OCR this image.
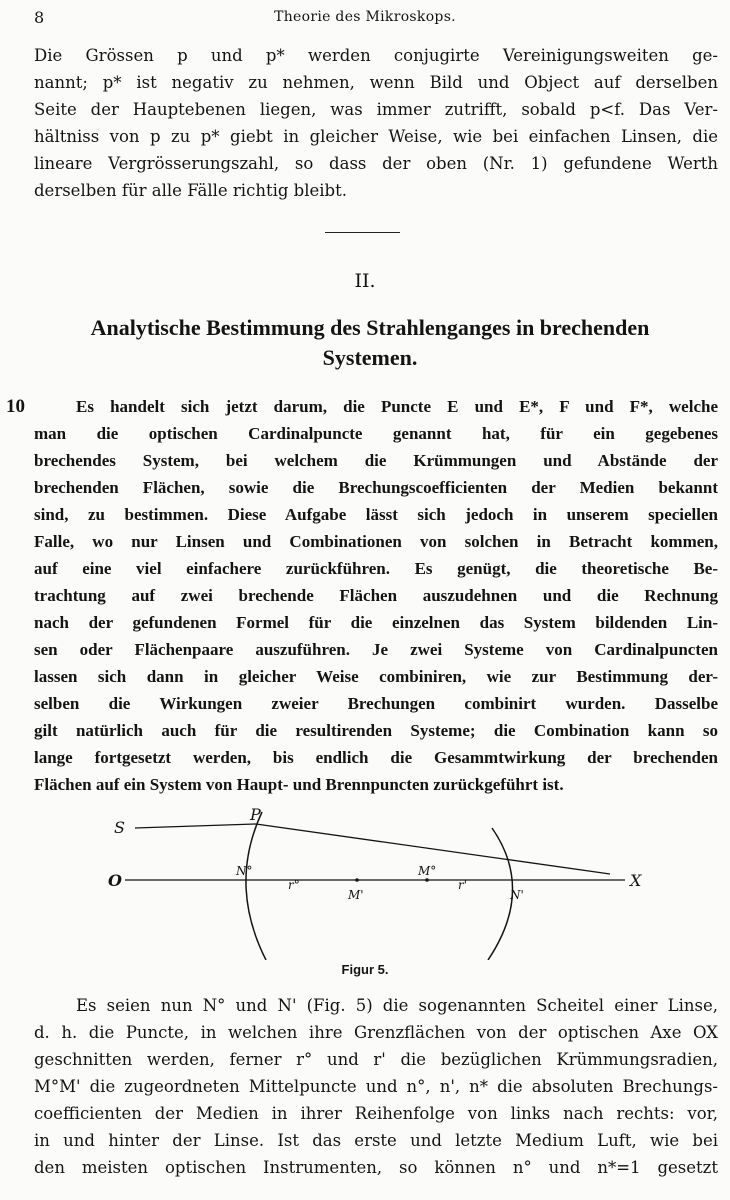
8	Theorie des Mikroskops.
Die Grössen p und p* werden conjugirte Vereinigungsweiten ge-
nannt; p* ist negativ zu nehmen, wenn Bild und Object auf derselben
Seite der Hauptebenen liegen, was immer zutrifft, sobald p<f. Das Ver-
hältniss von p zu p* giebt in gleicher Weise, wie bei einfachen Linsen, die
lineare Vergrösserungszahl, so dass der oben (Nr. 1) gefundene Werth
derselben für alle Fälle richtig bleibt.
II.
Analytische Bestimmung des Strahlenganges in brechenden
Systemen.
10	Es handelt sich jetzt darum, die Puncte E und E*, F und F*, welche
man die optischen Cardinalpuncte genannt hat, für ein gegebenes
brechendes System, bei welchem die Krümmungen und Abstände der
brechenden Flächen, sowie die Brechungscoefficienten der Medien bekannt
sind, zu bestimmen. Diese Aufgabe lässt sich jedoch in unserem speciellen
Falle, wo nur Linsen und Combinationen von solchen in Betracht kommen,
auf eine viel einfachere zurückführen. Es genügt, die theoretische Be-
trachtung auf zwei brechende Flächen auszudehnen und die Rechnung
nach der gefundenen Formel für die einzelnen das System bildenden Lin-
sen oder Flächenpaare auszuführen. Je zwei Systeme von Cardinalpuncten
lassen sich dann in gleicher Weise combiniren, wie zur Bestimmung der-
selben die Wirkungen zweier Brechungen combinirt wurden. Dasselbe
gilt natürlich auch für die resultirenden Systeme; die Combination kann so
lange fortgesetzt werden, bis endlich die Gesammtwirkung der brechenden
Flächen auf ein System von Haupt- und Brennpuncten zurückgeführt ist.
S
P
O	X
N°	M°
M'	N'
r°	r'
Figur 5.
Es seien nun N° und N' (Fig. 5) die sogenannten Scheitel einer Linse,
d. h. die Puncte, in welchen ihre Grenzflächen von der optischen Axe OX
geschnitten werden, ferner r° und r' die bezüglichen Krümmungsradien,
M°M' die zugeordneten Mittelpuncte und n°, n', n* die absoluten Brechungs-
coefficienten der Medien in ihrer Reihenfolge von links nach rechts: vor,
in und hinter der Linse. Ist das erste und letzte Medium Luft, wie bei
den meisten optischen Instrumenten, so können n° und n*=1 gesetzt
